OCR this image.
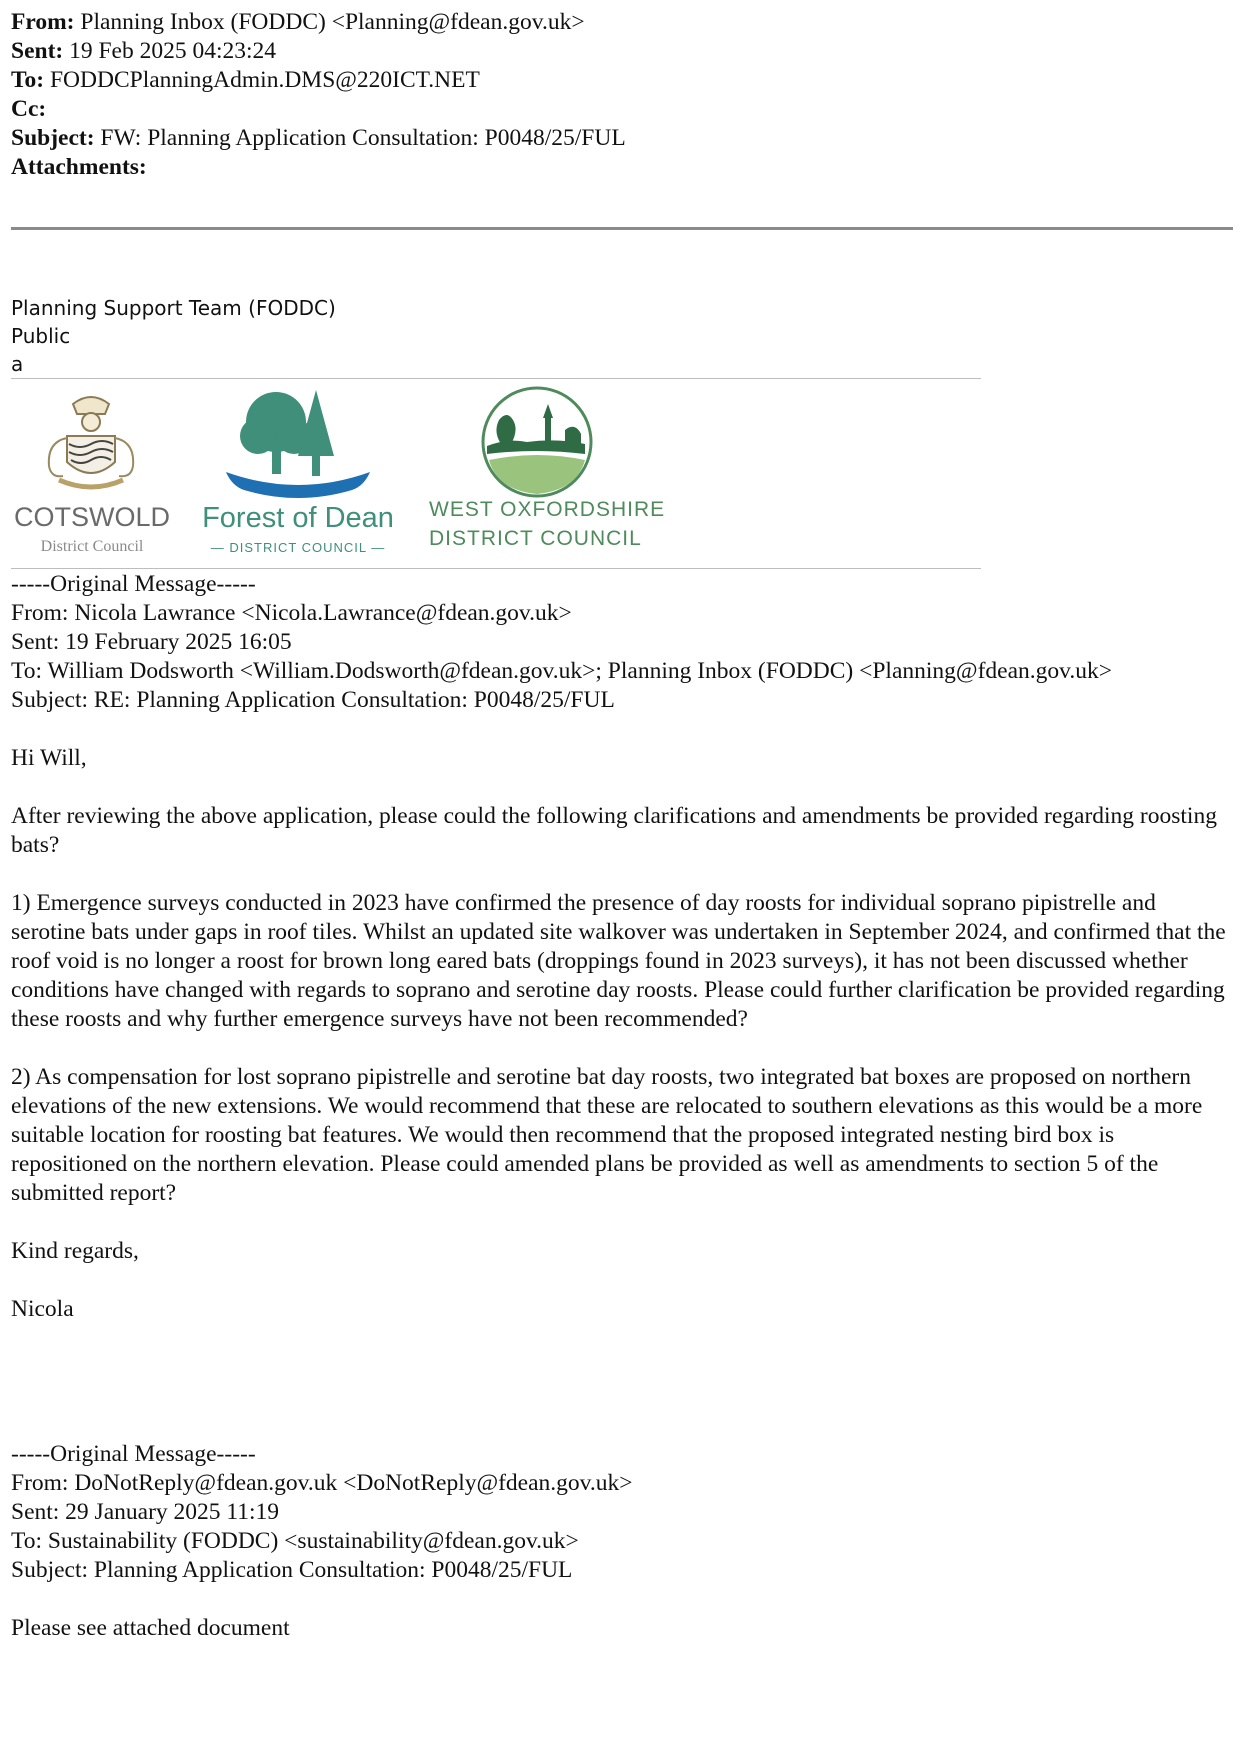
From: Planning Inbox (FODDC) <Planning@fdean.gov.uk>
Sent: 19 Feb 2025 04:23:24
To: FODDCPlanningAdmin.DMS@220ICT.NET
Cc:
Subject: FW: Planning Application Consultation: P0048/25/FUL
Attachments:
Planning Support Team (FODDC)
Public
a
COTSWOLD
District Council
Forest of Dean
— DISTRICT COUNCIL —
WEST OXFORDSHIRE
DISTRICT COUNCIL

-----Original Message-----

From: Nicola Lawrance <Nicola.Lawrance@fdean.gov.uk>

Sent: 19 February 2025 16:05

To: William Dodsworth <William.Dodsworth@fdean.gov.uk>; Planning Inbox (FODDC) <Planning@fdean.gov.uk>

Subject: RE: Planning Application Consultation: P0048/25/FUL

Hi Will,

After reviewing the above application, please could the following clarifications and amendments be provided regarding roosting bats?

1) Emergence surveys conducted in 2023 have confirmed the presence of day roosts for individual soprano pipistrelle and serotine bats under gaps in roof tiles. Whilst an updated site walkover was undertaken in September 2024, and confirmed that the roof void is no longer a roost for brown long eared bats (droppings found in 2023 surveys), it has not been discussed whether conditions have changed with regards to soprano and serotine day roosts. Please could further clarification be provided regarding these roosts and why further emergence surveys have not been recommended?

2) As compensation for lost soprano pipistrelle and serotine bat day roosts, two integrated bat boxes are proposed on northern elevations of the new extensions. We would recommend that these are relocated to southern elevations as this would be a more suitable location for roosting bat features. We would then recommend that the proposed integrated nesting bird box is repositioned on the northern elevation. Please could amended plans be provided as well as amendments to section 5 of the submitted report?

Kind regards,

Nicola

-----Original Message-----

From: DoNotReply@fdean.gov.uk <DoNotReply@fdean.gov.uk>

Sent: 29 January 2025 11:19

To: Sustainability (FODDC) <sustainability@fdean.gov.uk>

Subject: Planning Application Consultation: P0048/25/FUL

Please see attached document
